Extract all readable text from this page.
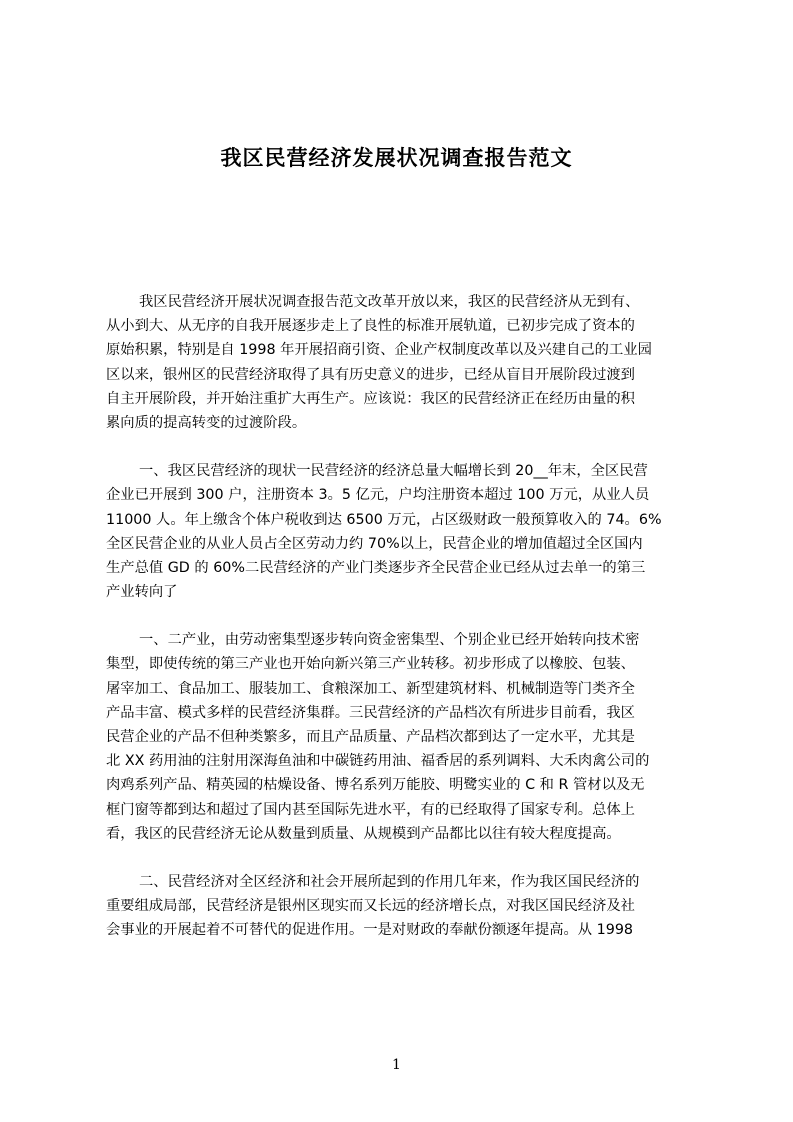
我区民营经济发展状况调查报告范文
我区民营经济开展状况调查报告范文改革开放以来，我区的民营经济从无到有、
从小到大、从无序的自我开展逐步走上了良性的标准开展轨道，已初步完成了资本的
原始积累，特别是自 1998 年开展招商引资、企业产权制度改革以及兴建自己的工业园
区以来，银州区的民营经济取得了具有历史意义的进步，已经从盲目开展阶段过渡到
自主开展阶段，并开始注重扩大再生产。应该说：我区的民营经济正在经历由量的积
累向质的提高转变的过渡阶段。
一、我区民营经济的现状一民营经济的经济总量大幅增长到 20__年末，全区民营
企业已开展到 300 户，注册资本 3。5 亿元，户均注册资本超过 100 万元，从业人员
11000 人。年上缴含个体户税收到达 6500 万元，占区级财政一般预算收入的 74。6%
全区民营企业的从业人员占全区劳动力约 70%以上，民营企业的增加值超过全区国内
生产总值 GD 的 60%二民营经济的产业门类逐步齐全民营企业已经从过去单一的第三
产业转向了
一、二产业，由劳动密集型逐步转向资金密集型、个别企业已经开始转向技术密
集型，即使传统的第三产业也开始向新兴第三产业转移。初步形成了以橡胶、包装、
屠宰加工、食品加工、服装加工、食粮深加工、新型建筑材料、机械制造等门类齐全
产品丰富、模式多样的民营经济集群。三民营经济的产品档次有所进步目前看，我区
民营企业的产品不但种类繁多，而且产品质量、产品档次都到达了一定水平，尤其是
北 XX 药用油的注射用深海鱼油和中碳链药用油、福香居的系列调料、大禾肉禽公司的
肉鸡系列产品、精英园的枯燥设备、博名系列万能胶、明鹭实业的 C 和 R 管材以及无
框门窗等都到达和超过了国内甚至国际先进水平，有的已经取得了国家专利。总体上
看，我区的民营经济无论从数量到质量、从规模到产品都比以往有较大程度提高。
二、民营经济对全区经济和社会开展所起到的作用几年来，作为我区国民经济的
重要组成局部，民营经济是银州区现实而又长远的经济增长点，对我区国民经济及社
会事业的开展起着不可替代的促进作用。一是对财政的奉献份额逐年提高。从 1998
1
